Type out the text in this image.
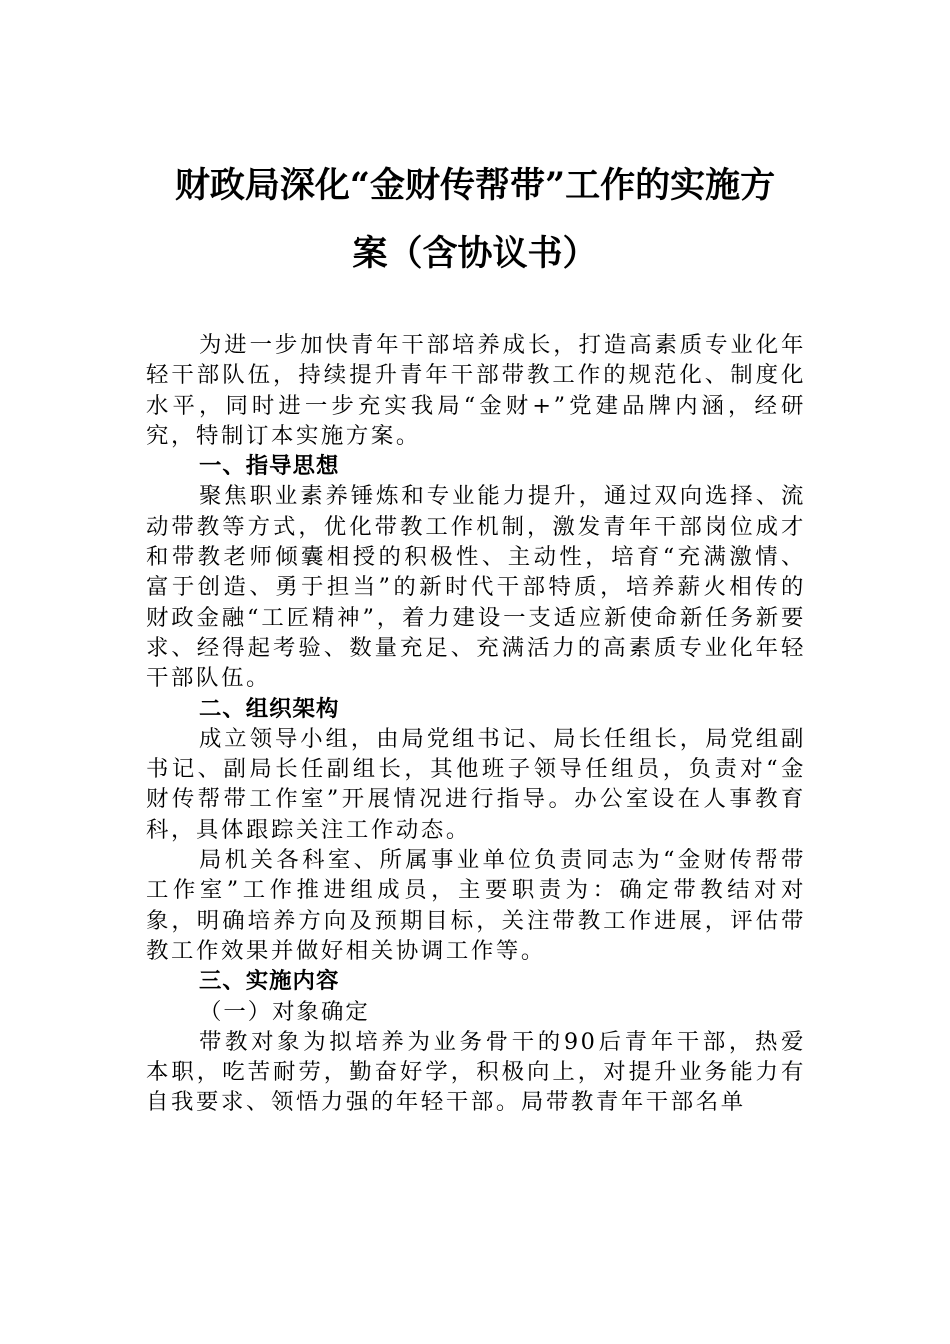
财政局深化“金财传帮带”工作的实施方
案（含协议书）

为进一步加快青年干部培养成长，打造高素质专业化年轻干部队伍，持续提升青年干部带教工作的规范化、制度化水平，同时进一步充实我局“金财+”党建品牌内涵，经研究，特制订本实施方案。

一、指导思想

聚焦职业素养锤炼和专业能力提升，通过双向选择、流动带教等方式，优化带教工作机制，激发青年干部岗位成才和带教老师倾囊相授的积极性、主动性，培育“充满激情、富于创造、勇于担当”的新时代干部特质，培养薪火相传的财政金融“工匠精神”，着力建设一支适应新使命新任务新要求、经得起考验、数量充足、充满活力的高素质专业化年轻干部队伍。

二、组织架构

成立领导小组，由局党组书记、局长任组长，局党组副书记、副局长任副组长，其他班子领导任组员，负责对“金财传帮带工作室”开展情况进行指导。办公室设在人事教育科，具体跟踪关注工作动态。

局机关各科室、所属事业单位负责同志为“金财传帮带工作室”工作推进组成员，主要职责为：确定带教结对对象，明确培养方向及预期目标，关注带教工作进展，评估带教工作效果并做好相关协调工作等。

三、实施内容
（一）对象确定

带教对象为拟培养为业务骨干的90后青年干部，热爱本职，吃苦耐劳，勤奋好学，积极向上，对提升业务能力有自我要求、领悟力强的年轻干部。局带教青年干部名单
